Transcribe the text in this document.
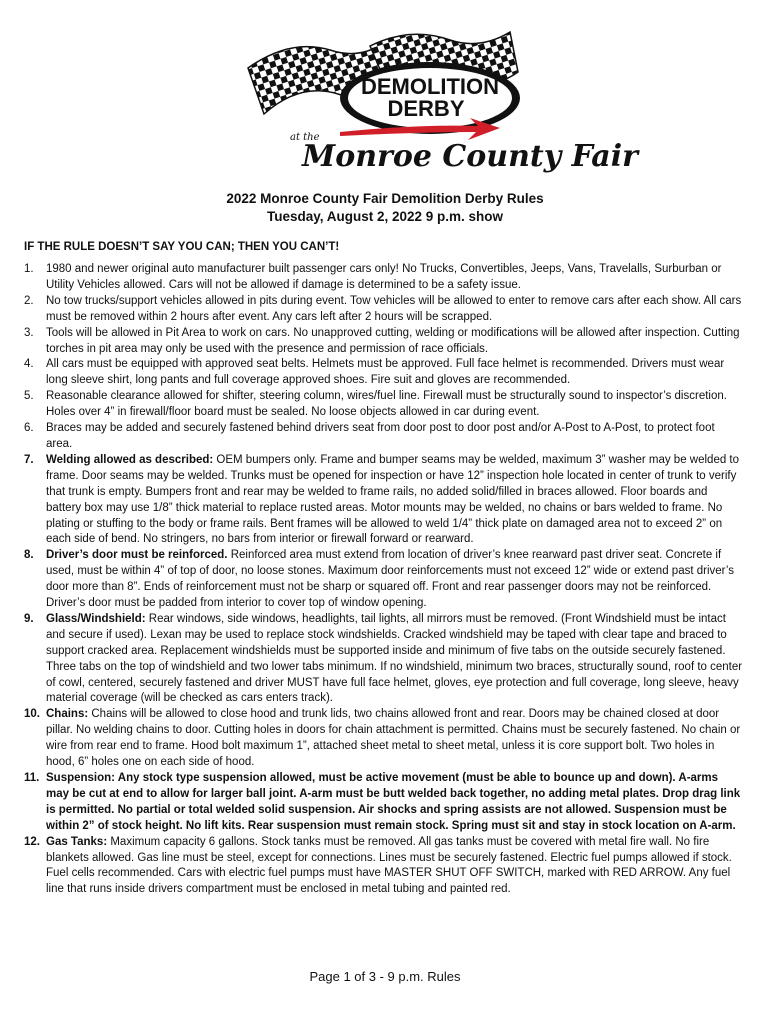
DEMOLITION
DERBY
at the
Monroe County Fair
2022 Monroe County Fair Demolition Derby Rules
Tuesday, August 2, 2022 9 p.m. show
IF THE RULE DOESN’T SAY YOU CAN; THEN YOU CAN’T!
1. 1980 and newer original auto manufacturer built passenger cars only! No Trucks, Convertibles, Jeeps, Vans, Travelalls, Surburban or Utility Vehicles allowed. Cars will not be allowed if damage is determined to be a safety issue.
2. No tow trucks/support vehicles allowed in pits during event. Tow vehicles will be allowed to enter to remove cars after each show. All cars must be removed within 2 hours after event. Any cars left after 2 hours will be scrapped.
3. Tools will be allowed in Pit Area to work on cars. No unapproved cutting, welding or modifications will be allowed after inspection. Cutting torches in pit area may only be used with the presence and permission of race officials.
4. All cars must be equipped with approved seat belts. Helmets must be approved. Full face helmet is recommended. Drivers must wear long sleeve shirt, long pants and full coverage approved shoes. Fire suit and gloves are recommended.
5. Reasonable clearance allowed for shifter, steering column, wires/fuel line. Firewall must be structurally sound to inspector’s discretion. Holes over 4” in firewall/floor board must be sealed. No loose objects allowed in car during event.
6. Braces may be added and securely fastened behind drivers seat from door post to door post and/or A-Post to A-Post, to protect foot area.
7. Welding allowed as described: OEM bumpers only. Frame and bumper seams may be welded, maximum 3” washer may be welded to frame. Door seams may be welded. Trunks must be opened for inspection or have 12” inspection hole located in center of trunk to verify that trunk is empty. Bumpers front and rear may be welded to frame rails, no added solid/filled in braces allowed. Floor boards and battery box may use 1/8” thick material to replace rusted areas. Motor mounts may be welded, no chains or bars welded to frame. No plating or stuffing to the body or frame rails. Bent frames will be allowed to weld 1/4” thick plate on damaged area not to exceed 2” on each side of bend. No stringers, no bars from interior or firewall forward or rearward.
8. Driver’s door must be reinforced. Reinforced area must extend from location of driver’s knee rearward past driver seat. Concrete if used, must be within 4” of top of door, no loose stones. Maximum door reinforcements must not exceed 12” wide or extend past driver’s door more than 8”. Ends of reinforcement must not be sharp or squared off. Front and rear passenger doors may not be reinforced. Driver’s door must be padded from interior to cover top of window opening.
9. Glass/Windshield: Rear windows, side windows, headlights, tail lights, all mirrors must be removed. (Front Windshield must be intact and secure if used). Lexan may be used to replace stock windshields. Cracked windshield may be taped with clear tape and braced to support cracked area. Replacement windshields must be supported inside and minimum of five tabs on the outside securely fastened. Three tabs on the top of windshield and two lower tabs minimum. If no windshield, minimum two braces, structurally sound, roof to center of cowl, centered, securely fastened and driver MUST have full face helmet, gloves, eye protection and full coverage, long sleeve, heavy material coverage (will be checked as cars enters track).
10. Chains: Chains will be allowed to close hood and trunk lids, two chains allowed front and rear. Doors may be chained closed at door pillar. No welding chains to door. Cutting holes in doors for chain attachment is permitted. Chains must be securely fastened. No chain or wire from rear end to frame. Hood bolt maximum 1”, attached sheet metal to sheet metal, unless it is core support bolt. Two holes in hood, 6” holes one on each side of hood.
11. Suspension: Any stock type suspension allowed, must be active movement (must be able to bounce up and down). A-arms may be cut at end to allow for larger ball joint. A-arm must be butt welded back together, no adding metal plates. Drop drag link is permitted. No partial or total welded solid suspension. Air shocks and spring assists are not allowed. Suspension must be within 2” of stock height. No lift kits. Rear suspension must remain stock. Spring must sit and stay in stock location on A-arm.
12. Gas Tanks: Maximum capacity 6 gallons. Stock tanks must be removed. All gas tanks must be covered with metal fire wall. No fire blankets allowed. Gas line must be steel, except for connections. Lines must be securely fastened. Electric fuel pumps allowed if stock. Fuel cells recommended. Cars with electric fuel pumps must have MASTER SHUT OFF SWITCH, marked with RED ARROW. Any fuel line that runs inside drivers compartment must be enclosed in metal tubing and painted red.
Page 1 of 3 - 9 p.m. Rules
